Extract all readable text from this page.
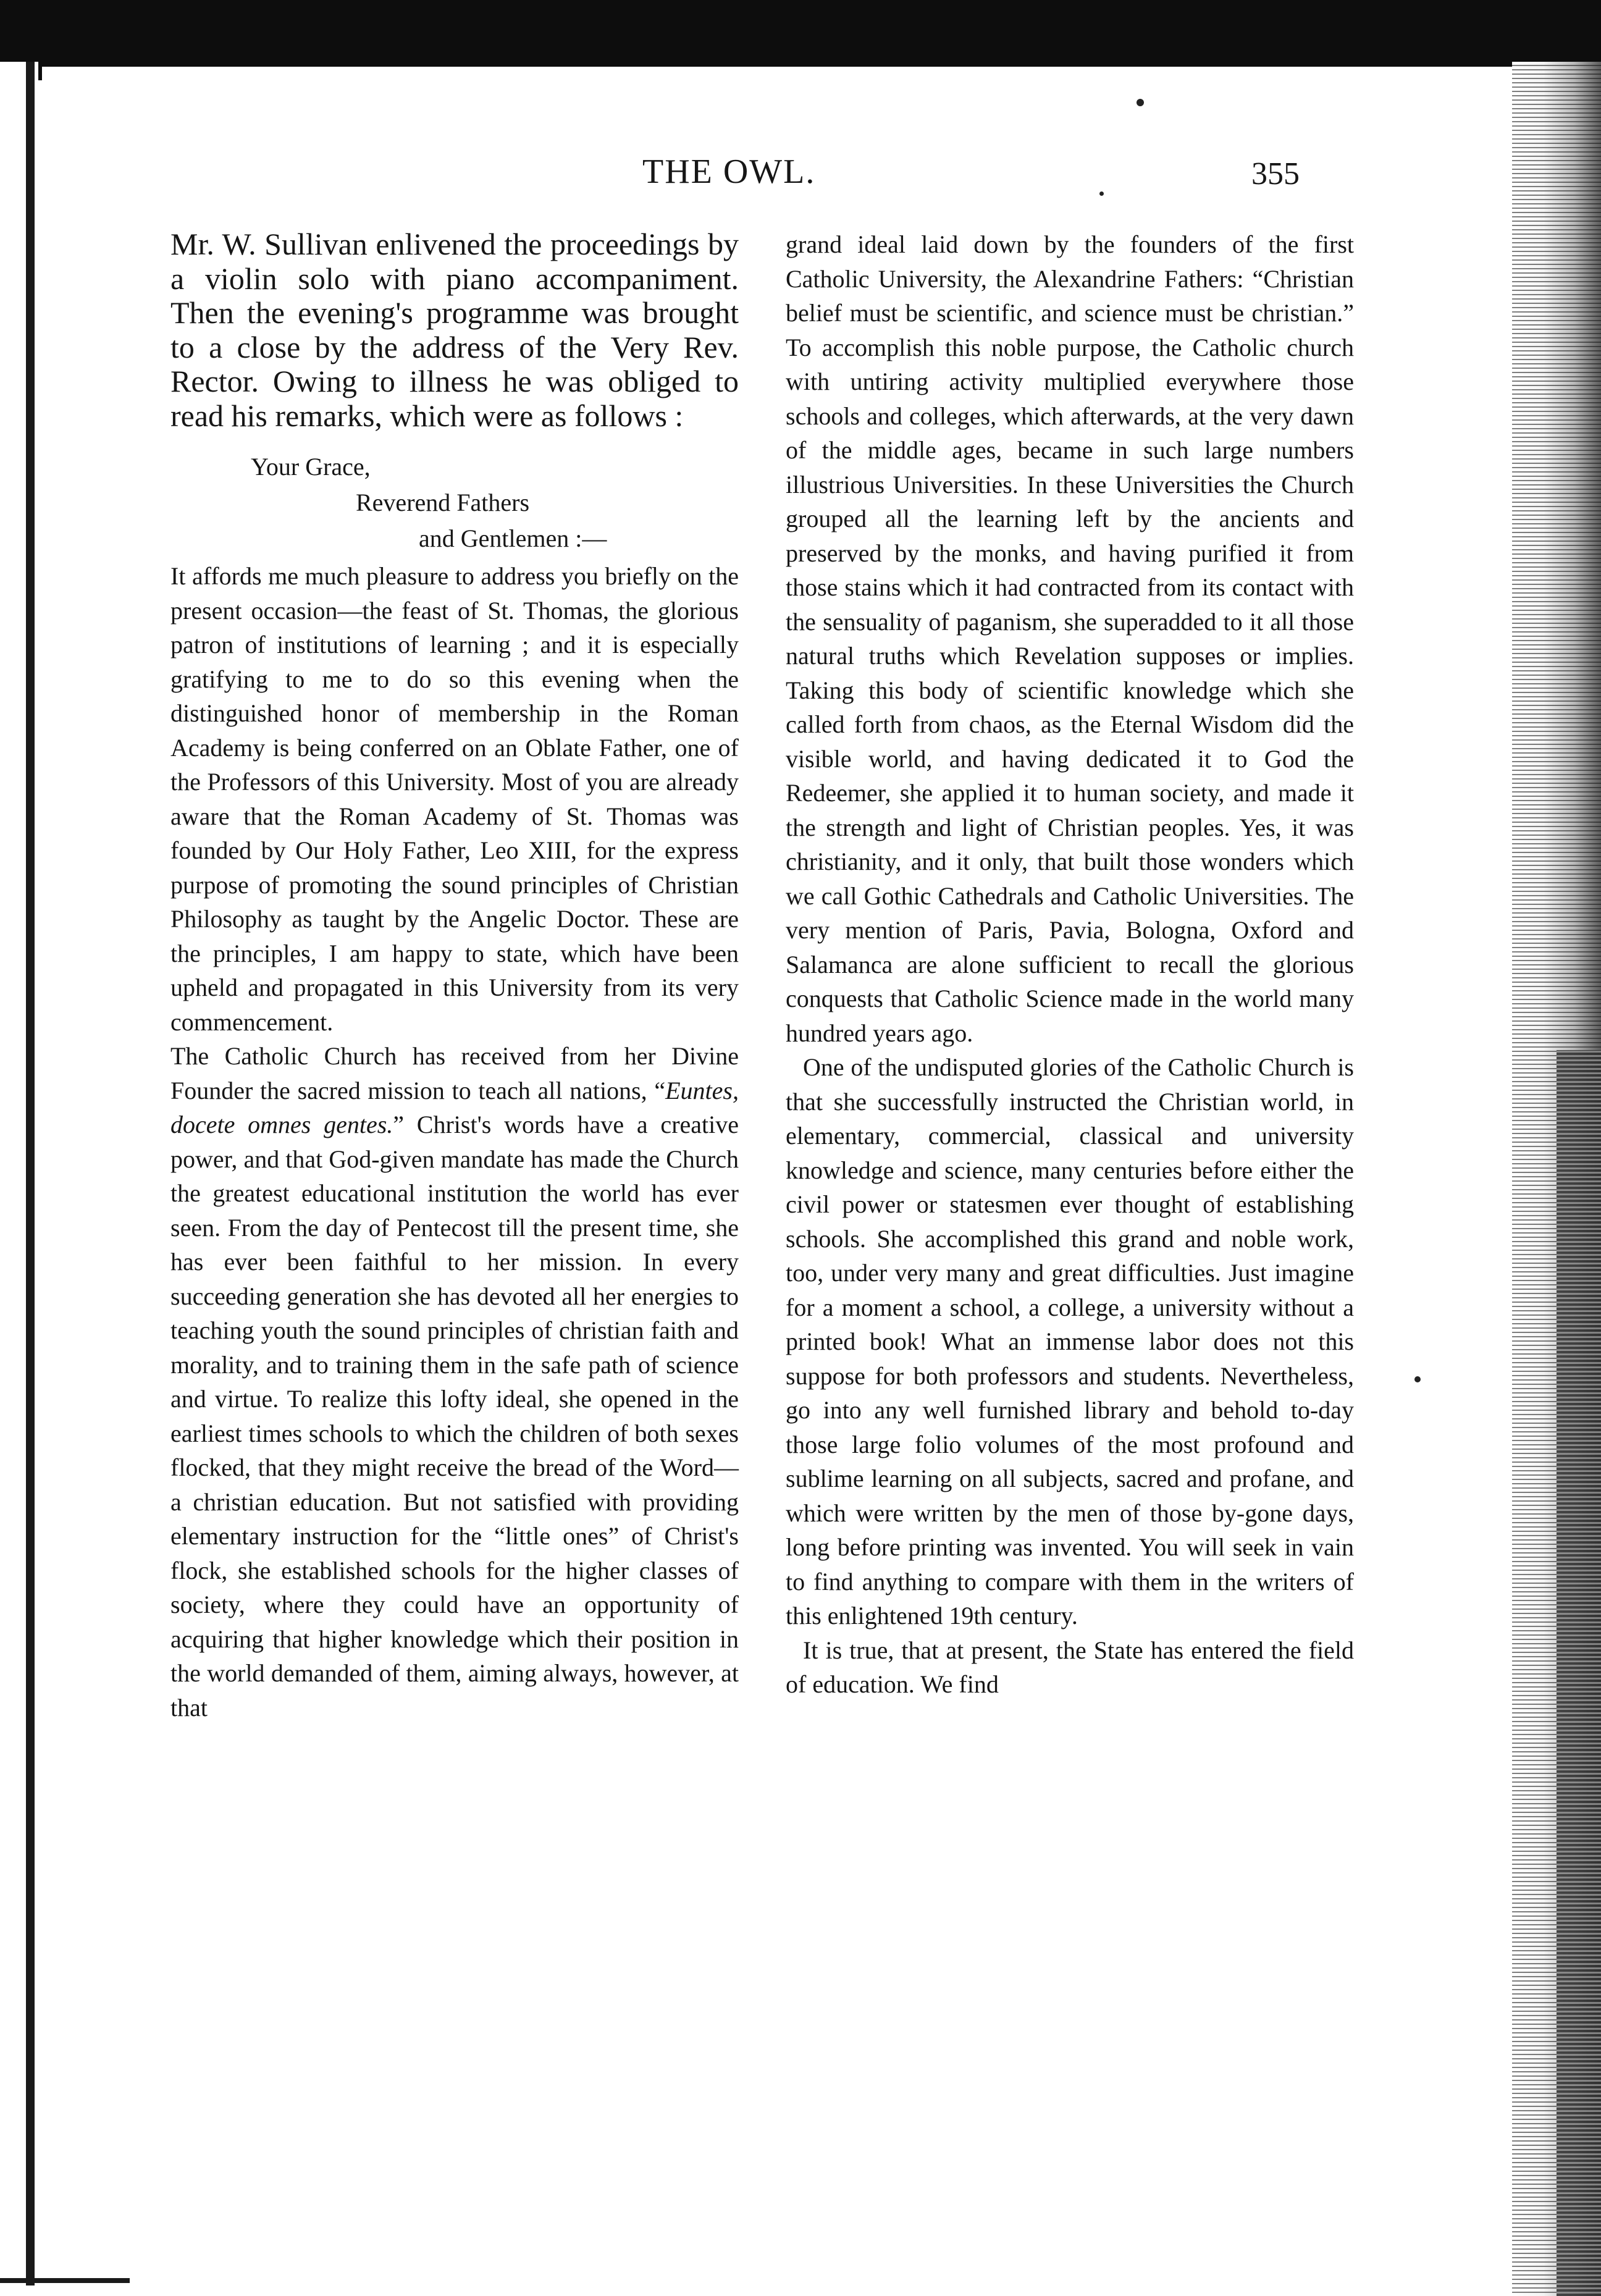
THE OWL.	355

Mr. W. Sullivan enlivened the proceedings by a violin solo with piano accompaniment. Then the evening's programme was brought to a close by the address of the Very Rev. Rector. Owing to illness he was obliged to read his remarks, which were as follows :

Your Grace,

Reverend Fathers

and Gentlemen :—

It affords me much pleasure to address you briefly on the present occasion—the feast of St. Thomas, the glorious patron of institutions of learning ; and it is especially gratifying to me to do so this evening when the distinguished honor of membership in the Roman Academy is being conferred on an Oblate Father, one of the Professors of this University. Most of you are already aware that the Roman Academy of St. Thomas was founded by Our Holy Father, Leo XIII, for the express purpose of promoting the sound principles of Christian Philosophy as taught by the Angelic Doctor. These are the principles, I am happy to state, which have been upheld and propagated in this University from its very commencement.

The Catholic Church has received from her Divine Founder the sacred mission to teach all nations, “Euntes, docete omnes gentes.” Christ's words have a creative power, and that God-given mandate has made the Church the greatest educational institution the world has ever seen. From the day of Pentecost till the present time, she has ever been faithful to her mission. In every succeeding generation she has devoted all her energies to teaching youth the sound principles of christian faith and morality, and to training them in the safe path of science and virtue. To realize this lofty ideal, she opened in the earliest times schools to which the children of both sexes flocked, that they might receive the bread of the Word—a christian education. But not satisfied with providing elementary instruction for the “little ones” of Christ's flock, she established schools for the higher classes of society, where they could have an opportunity of acquiring that higher knowledge which their position in the world demanded of them, aiming always, however, at that

grand ideal laid down by the founders of the first Catholic University, the Alexandrine Fathers: “Christian belief must be scientific, and science must be christian.” To accomplish this noble purpose, the Catholic church with untiring activity multiplied everywhere those schools and colleges, which afterwards, at the very dawn of the middle ages, became in such large numbers illustrious Universities. In these Universities the Church grouped all the learning left by the ancients and preserved by the monks, and having purified it from those stains which it had contracted from its contact with the sensuality of paganism, she superadded to it all those natural truths which Revelation supposes or implies. Taking this body of scientific knowledge which she called forth from chaos, as the Eternal Wisdom did the visible world, and having dedicated it to God the Redeemer, she applied it to human society, and made it the strength and light of Christian peoples. Yes, it was christianity, and it only, that built those wonders which we call Gothic Cathedrals and Catholic Universities. The very mention of Paris, Pavia, Bologna, Oxford and Salamanca are alone sufficient to recall the glorious conquests that Catholic Science made in the world many hundred years ago.

One of the undisputed glories of the Catholic Church is that she successfully instructed the Christian world, in elementary, commercial, classical and university knowledge and science, many centuries before either the civil power or statesmen ever thought of establishing schools. She accomplished this grand and noble work, too, under very many and great difficulties. Just imagine for a moment a school, a college, a university without a printed book! What an immense labor does not this suppose for both professors and students. Nevertheless, go into any well furnished library and behold to-day those large folio volumes of the most profound and sublime learning on all subjects, sacred and profane, and which were written by the men of those by-gone days, long before printing was invented. You will seek in vain to find anything to compare with them in the writers of this enlightened 19th century.

It is true, that at present, the State has entered the field of education. We find
